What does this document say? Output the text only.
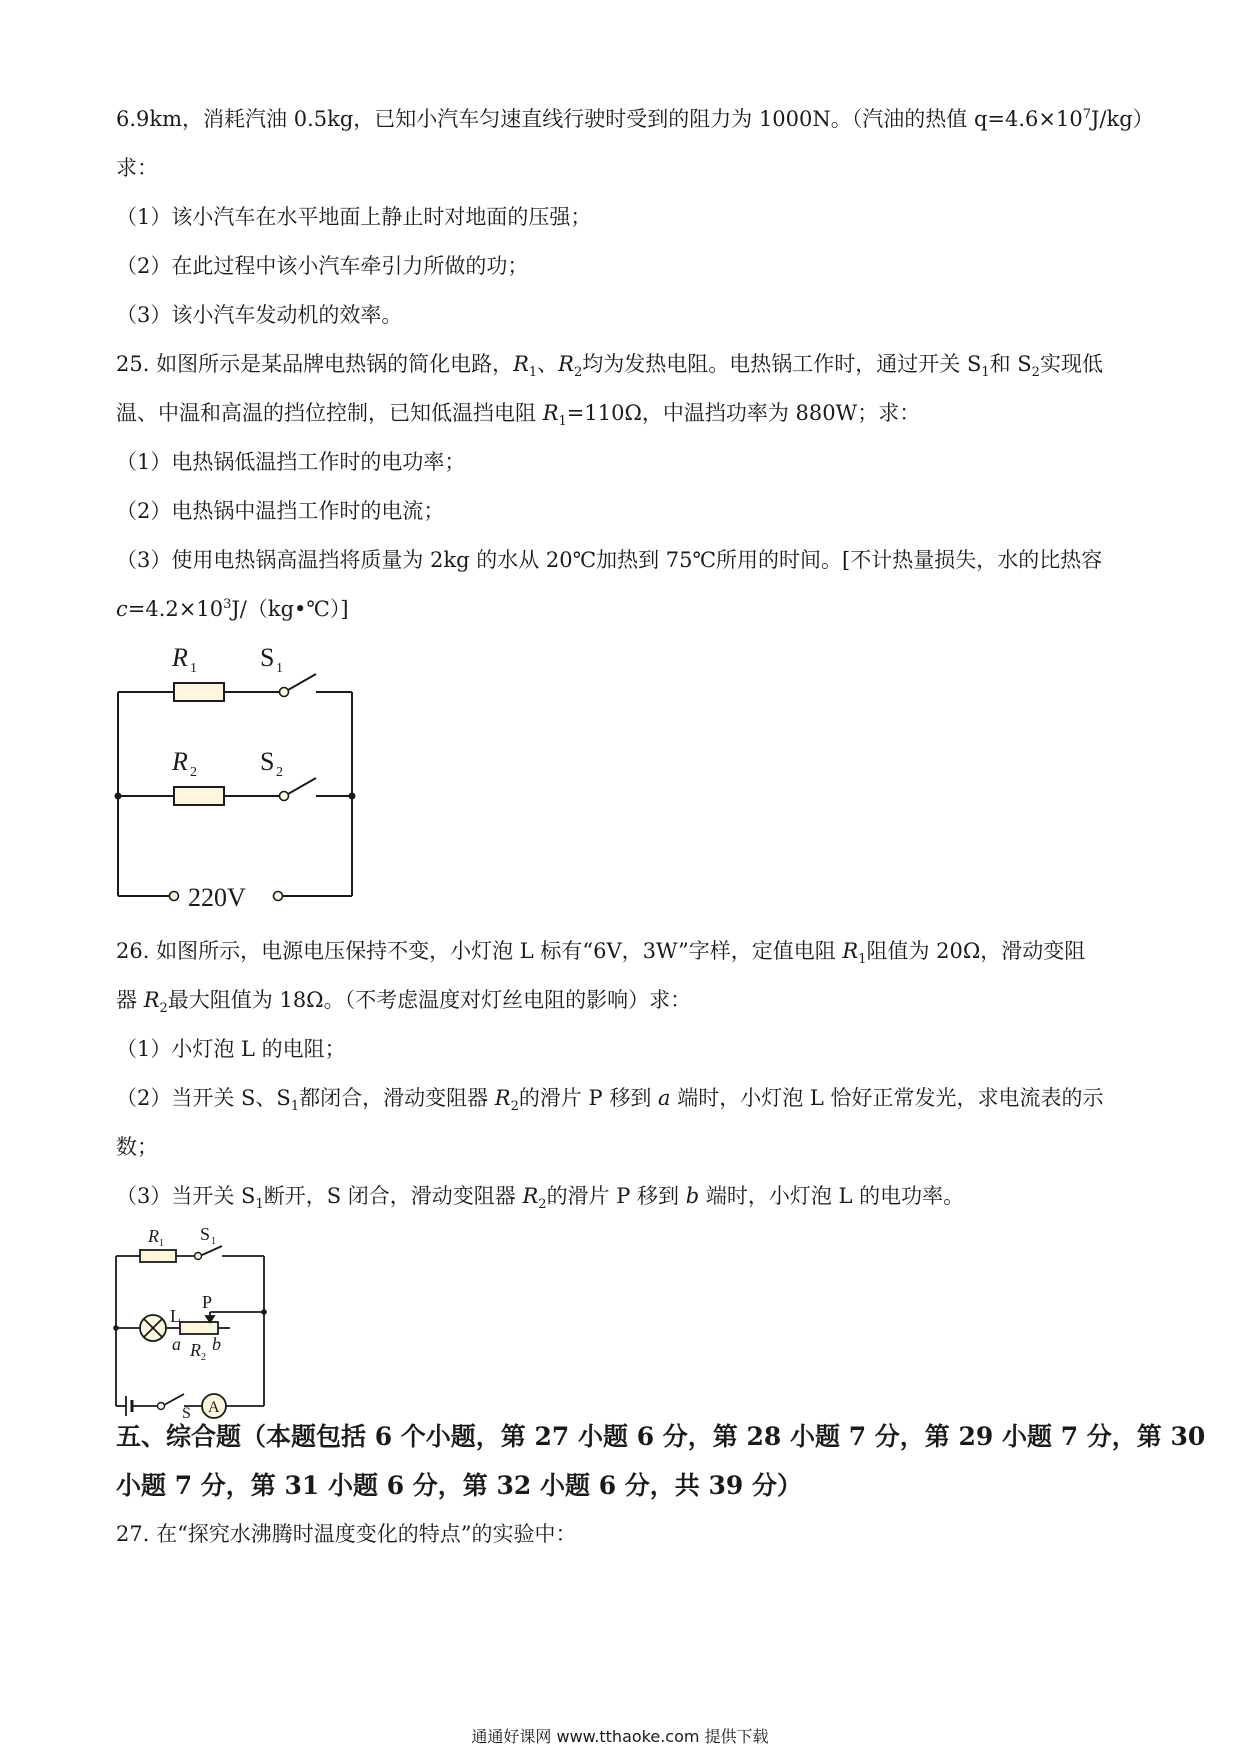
6.9km，消耗汽油 0.5kg，已知小汽车匀速直线行驶时受到的阻力为 1000N。（汽油的热值 $q=4.6\times 10^7J/kg$）
求：
（1）该小汽车在水平地面上静止时对地面的压强；
（2）在此过程中该小汽车牵引力所做的功；
（3）该小汽车发动机的效率。
25. 如图所示是某品牌电热锅的简化电路，$R_1$、$R_2$均为发热电阻。电热锅工作时，通过开关 $S_1$和 $S_2$实现低
温、中温和高温的挡位控制，已知低温挡电阻 $R_1=110\Omega$，中温挡功率为 880W；求：
（1）电热锅低温挡工作时的电功率；
（2）电热锅中温挡工作时的电流；
（3）使用电热锅高温挡将质量为 2kg 的水从 20℃加热到 75℃所用的时间。[不计热量损失，水的比热容
$c=4.2\times 10^3J/(kg•℃)$]
R 1 S 1
R 2 S 2
220V
26. 如图所示，电源电压保持不变，小灯泡 L 标有“6V，3W”字样，定值电阻 $R_1$阻值为 20Ω，滑动变阻
器 $R_2$最大阻值为 18Ω。（不考虑温度对灯丝电阻的影响）求：
（1）小灯泡 L 的电阻；
（2）当开关 S、$S_1$都闭合，滑动变阻器 $R_2$的滑片 P 移到 a 端时，小灯泡 L 恰好正常发光，求电流表的示
数；
（3）当开关 $S_1$断开，S 闭合，滑动变阻器 $R_2$的滑片 P 移到 b 端时，小灯泡 L 的电功率。
R 1 S 1
L
P
a R 2
b
S A
五、综合题（本题包括 6 个小题，第 27 小题 6 分，第 28 小题 7 分，第 29 小题 7 分，第 30
小题 7 分，第 31 小题 6 分，第 32 小题 6 分，共 39 分）
27. 在“探究水沸腾时温度变化的特点”的实验中：
通通好课网 www.tthaoke.com 提供下载
